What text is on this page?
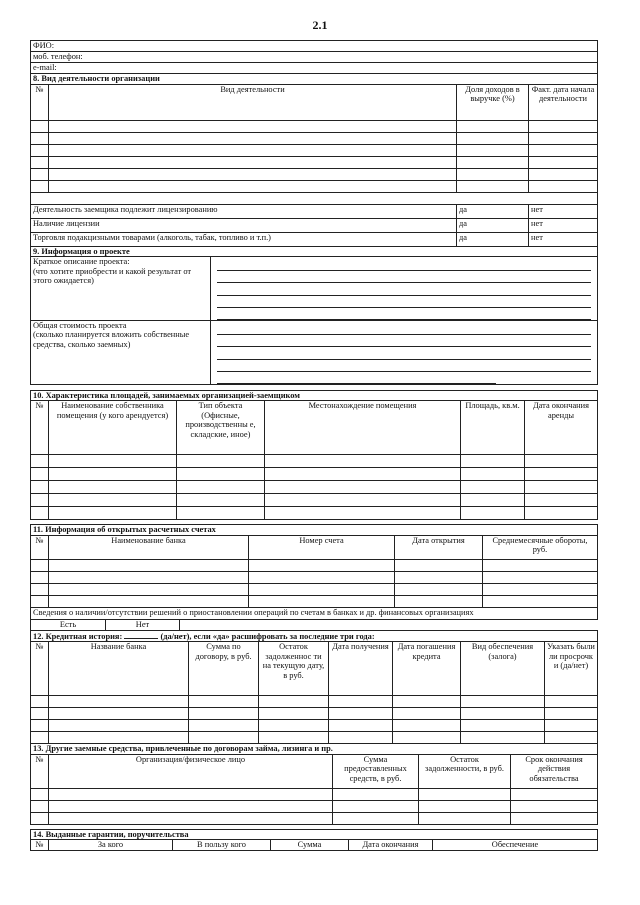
2.1
ФИО:
моб. телефон:
e-mail:
8. Вид деятельности организации			
№	Вид деятельности	Доля доходов в выручке (%)	Факт. дата начала деятельности

Деятельность заемщика подлежит лицензированию	да	нет
Наличие лицензии	да	нет
Торговля подакцизными товарами (алкоголь, табак, топливо и т.п.)	да	нет
9. Информация о проекте	
Краткое описание проекта:
(что хотите приобрести и какой результат от этого ожидается)	

Общая стоимость проекта
(сколько планируется вложить собственные средства, сколько заемных)	
10. Характеристика площадей, занимаемых организацией-заемщиком					
№	Наименование собственника помещения (у кого арендуется)	Тип объекта (Офисные, производственны е, складские, иное)	Местонахождение помещения	Площадь, кв.м.	Дата окончания аренды

11. Информация об открытых расчетных счетах				
№	Наименование банка	Номер счета	Дата открытия	Среднемесячные обороты, руб.

Сведения о наличии/отсутствии решений о приостановлении операций по счетам в банках и др. финансовых организациях				
Есть	Нет
12. Кредитная история: (да/нет), если «да» расшифровать за последние три года:							
№	Название банка	Сумма по договору, в руб.	Остаток задолженнос ти на текущую дату, в руб.	Дата получения	Дата погашения кредита	Вид обеспечения (залога)	Указать были ли просрочк и (да/нет)

13. Другие заемные средства, привлеченные по договорам займа, лизинга и пр.				
№	Организация/физическое лицо	Сумма предоставленных средств, в руб.	Остаток задолженности, в руб.	Срок окончания действия обязательства

14. Выданные гарантии, поручительства
№	За кого	В пользу кого	Сумма	Дата окончания	Обеспечение
